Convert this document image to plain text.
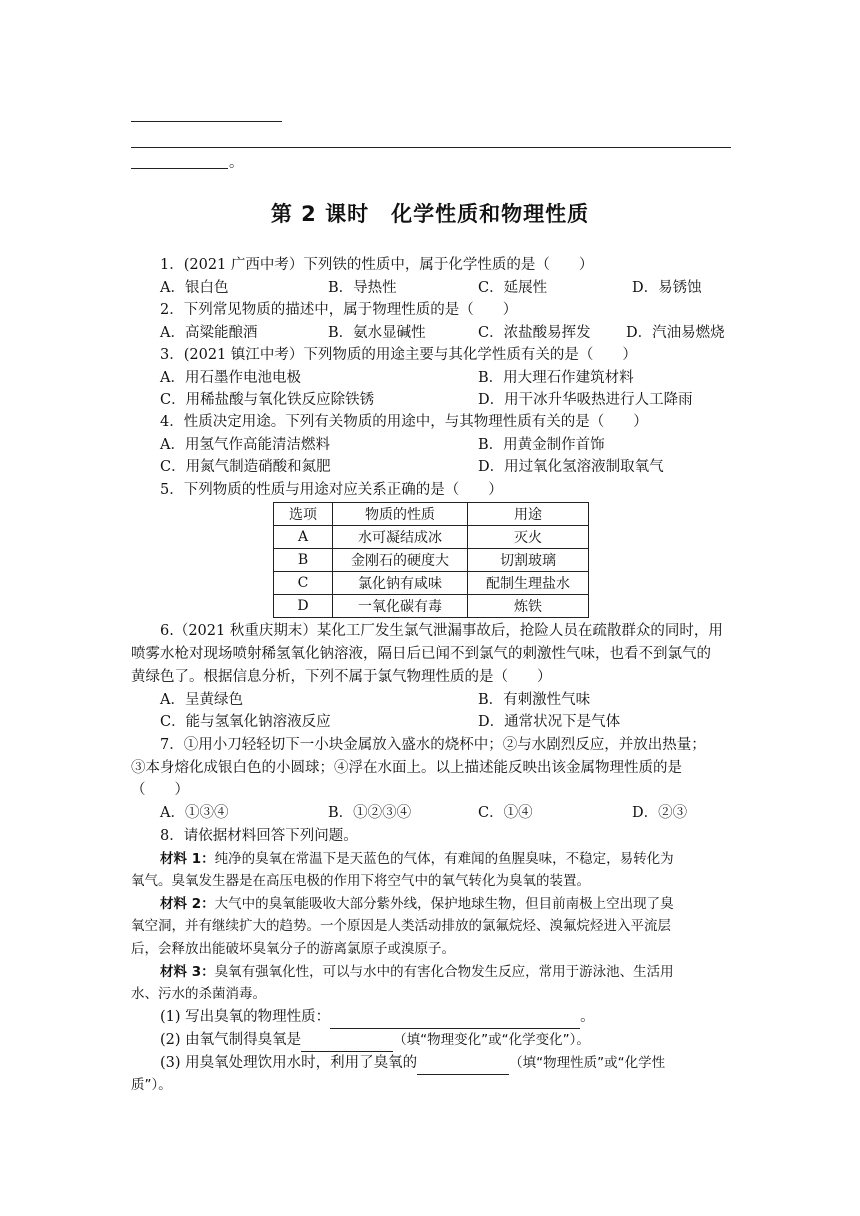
。
第 2 课时　化学性质和物理性质
1．(2021 广西中考）下列铁的性质中，属于化学性质的是（　　）
A．银白色	B．导热性	C．延展性	D．易锈蚀
2．下列常见物质的描述中，属于物理性质的是（　　）
A．高粱能酿酒	B．氨水显碱性	C．浓盐酸易挥发 D．汽油易燃烧
3．(2021 镇江中考）下列物质的用途主要与其化学性质有关的是（　　）
A．用石墨作电池电极	B．用大理石作建筑材料
C．用稀盐酸与氧化铁反应除铁锈	D．用干冰升华吸热进行人工降雨
4．性质决定用途。下列有关物质的用途中，与其物理性质有关的是（　　）
A．用氢气作高能清洁燃料	B．用黄金制作首饰
C．用氮气制造硝酸和氮肥	D．用过氧化氢溶液制取氧气
5．下列物质的性质与用途对应关系正确的是（　　）
选项	物质的性质	用途
A	水可凝结成冰	灭火
B	金刚石的硬度大	切割玻璃
C	氯化钠有咸味	配制生理盐水
D	一氧化碳有毒	炼铁
6.（2021 秋重庆期末）某化工厂发生氯气泄漏事故后，抢险人员在疏散群众的同时，用
喷雾水枪对现场喷射稀氢氧化钠溶液，隔日后已闻不到氯气的刺激性气味，也看不到氯气的
黄绿色了。根据信息分析，下列不属于氯气物理性质的是（　　）
A．呈黄绿色	B．有刺激性气味
C．能与氢氧化钠溶液反应	D．通常状况下是气体
7．①用小刀轻轻切下一小块金属放入盛水的烧杯中；②与水剧烈反应，并放出热量；
③本身熔化成银白色的小圆球；④浮在水面上。以上描述能反映出该金属物理性质的是
（　　）
A．①③④	B．①②③④	C．①④	D．②③
8．请依据材料回答下列问题。
材料 1：纯净的臭氧在常温下是天蓝色的气体，有难闻的鱼腥臭味，不稳定，易转化为
氧气。臭氧发生器是在高压电极的作用下将空气中的氧气转化为臭氧的装置。
材料 2：大气中的臭氧能吸收大部分紫外线，保护地球生物，但目前南极上空出现了臭
氧空洞，并有继续扩大的趋势。一个原因是人类活动排放的氯氟烷烃、溴氟烷烃进入平流层
后，会释放出能破坏臭氧分子的游离氯原子或溴原子。
材料 3：臭氧有强氧化性，可以与水中的有害化合物发生反应，常用于游泳池、生活用
水、污水的杀菌消毒。
(1) 写出臭氧的物理性质：	。
(2) 由氧气制得臭氧是	（填“物理变化”或“化学变化”）。
(3) 用臭氧处理饮用水时，利用了臭氧的	（填“物理性质”或“化学性
质”）。
